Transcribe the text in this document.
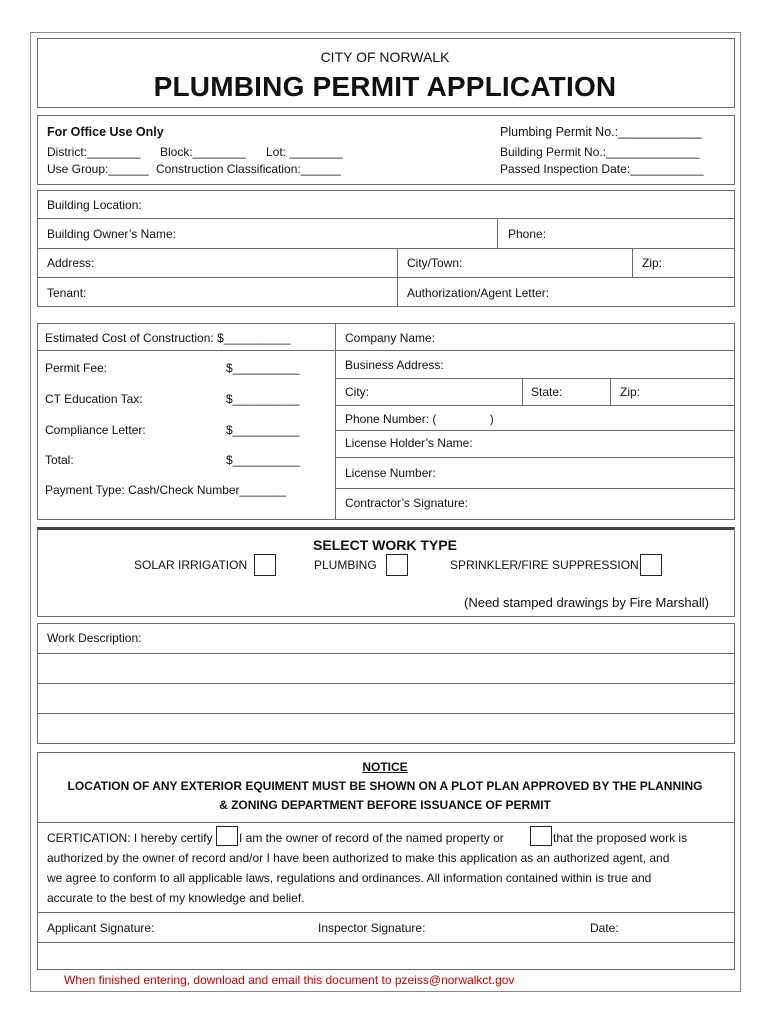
CITY OF NORWALK
PLUMBING PERMIT APPLICATION
For Office Use Only
District:________ Block:________ Lot: ________
Use Group:______ Construction Classification:______
Plumbing Permit No.:____________
Building Permit No.:______________
Passed Inspection Date:___________
Building Location:
Building Owner’s Name:	Phone:
Address:	City/Town:	Zip:
Tenant:	Authorization/Agent Letter:
Estimated Cost of Construction: $__________
Permit Fee:	$__________
CT Education Tax:	$__________
Compliance Letter:	$__________
Total:	$__________
Payment Type: Cash/Check Number_______
Company Name:
Business Address:
City:	State:	Zip:
Phone Number: (                )
License Holder’s Name:
License Number:
Contractor’s Signature:
SELECT WORK TYPE
SOLAR IRRIGATION	PLUMBING	SPRINKLER/FIRE SUPPRESSION
(Need stamped drawings by Fire Marshall)
Work Description:
NOTICE
LOCATION OF ANY EXTERIOR EQUIMENT MUST BE SHOWN ON A PLOT PLAN APPROVED BY THE PLANNING
& ZONING DEPARTMENT BEFORE ISSUANCE OF PERMIT
CERTICATION: I hereby certify I am the owner of record of the named property or	that the proposed work is
authorized by the owner of record and/or I have been authorized to make this application as an authorized agent, and
we agree to conform to all applicable laws, regulations and ordinances. All information contained within is true and
accurate to the best of my knowledge and belief.
Applicant Signature:	Inspector Signature:	Date:
When finished entering, download and email this document to pzeiss@norwalkct.gov
